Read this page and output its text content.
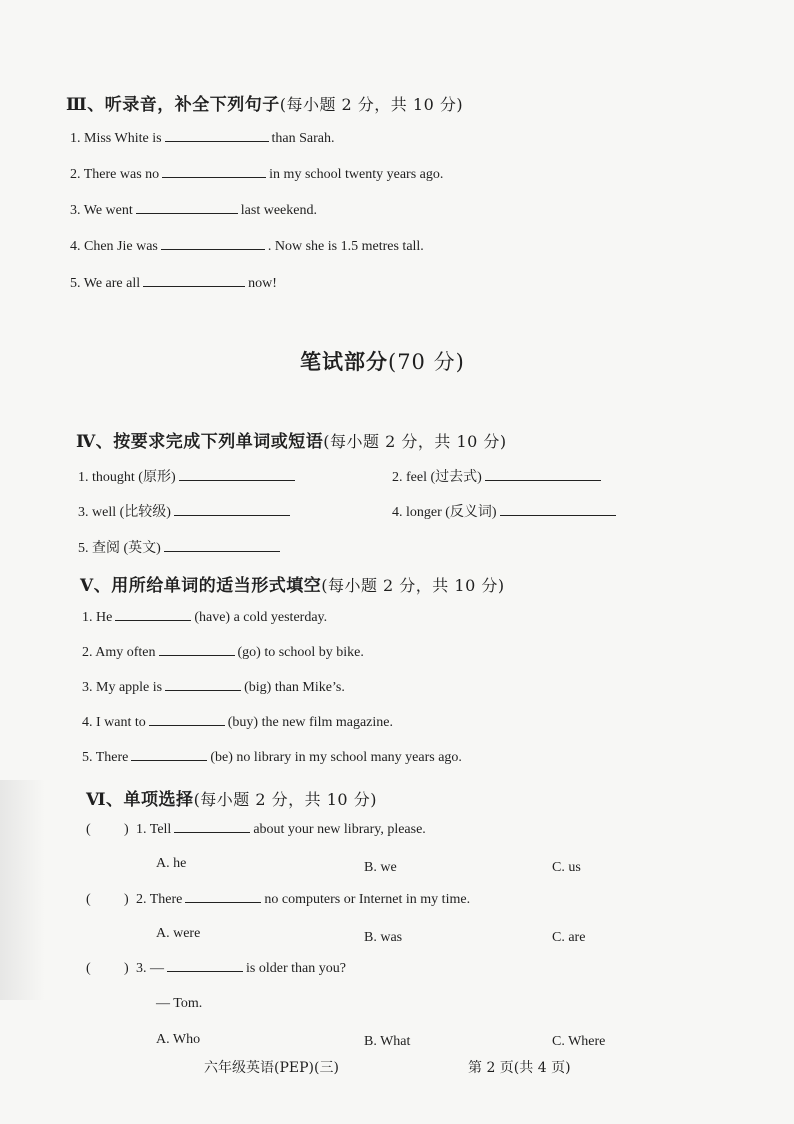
Ⅲ、听录音，补全下列句子(每小题 2 分，共 10 分)
1. Miss White is	than Sarah.
2. There was no	in my school twenty years ago.
3. We went	last weekend.
4. Chen Jie was	. Now she is 1.5 metres tall.
5. We are all	now!
笔试部分(70 分)
Ⅳ、按要求完成下列单词或短语(每小题 2 分，共 10 分)
1. thought (原形)	2. feel (过去式)
3. well (比较级)	4. longer (反义词)
5. 查阅 (英文)
Ⅴ、用所给单词的适当形式填空(每小题 2 分，共 10 分)
1. He	(have) a cold yesterday.
2. Amy often	(go) to school by bike.
3. My apple is	(big) than Mike’s.
4. I want to	(buy) the new film magazine.
5. There	(be) no library in my school many years ago.
Ⅵ、单项选择(每小题 2 分，共 10 分)
( ) 1. Tell	about your new library, please.
A. he	B. we	C. us
( ) 2. There	no computers or Internet in my time.
A. were	B. was	C. are
( ) 3. —	is older than you?
— Tom.
A. Who	B. What	C. Where
六年级英语(PEP)(三)	第 2 页(共 4 页)
